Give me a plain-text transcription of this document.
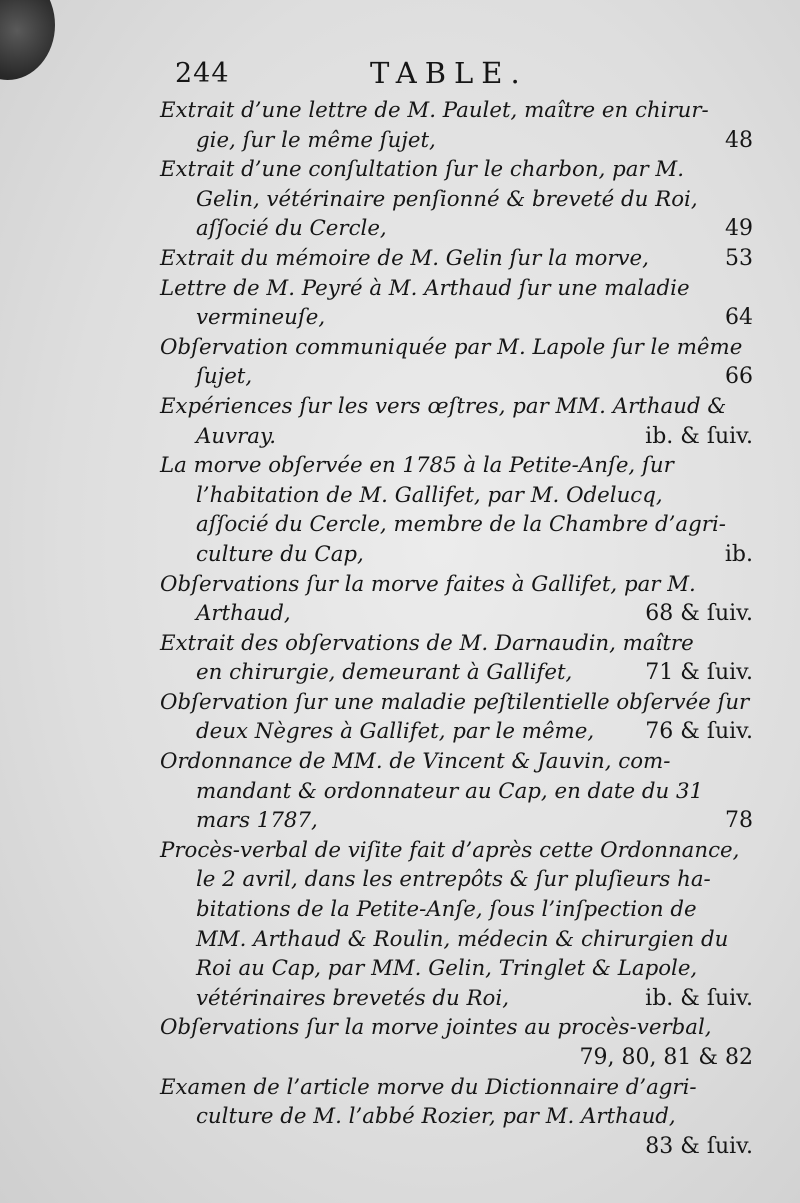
244	TABLE.
Extrait d’une lettre de M. Paulet, maître en chirur-
gie, ſur le même ſujet,	48
Extrait d’une conſultation ſur le charbon, par M.
Gelin, vétérinaire penſionné & breveté du Roi,
aſſocié du Cercle,	49
Extrait du mémoire de M. Gelin ſur la morve,	53
Lettre de M. Peyré à M. Arthaud ſur une maladie
vermineuſe,	64
Obſervation communiquée par M. Lapole ſur le même
ſujet,	66
Expériences ſur les vers œſtres, par MM. Arthaud &
Auvray.	ib. & ſuiv.
La morve obſervée en 1785 à la Petite-Anſe, ſur
l’habitation de M. Gallifet, par M. Odelucq,
aſſocié du Cercle, membre de la Chambre d’agri-
culture du Cap,	ib.
Obſervations ſur la morve faites à Gallifet, par M.
Arthaud,	68 & ſuiv.
Extrait des obſervations de M. Darnaudin, maître
en chirurgie, demeurant à Gallifet,	71 & ſuiv.
Obſervation ſur une maladie peſtilentielle obſervée ſur
deux Nègres à Gallifet, par le même,	76 & ſuiv.
Ordonnance de MM. de Vincent & Jauvin, com-
mandant & ordonnateur au Cap, en date du 31
mars 1787,	78
Procès-verbal de viſite fait d’après cette Ordonnance,
le 2 avril, dans les entrepôts & ſur pluſieurs ha-
bitations de la Petite-Anſe, ſous l’inſpection de
MM. Arthaud & Roulin, médecin & chirurgien du
Roi au Cap, par MM. Gelin, Tringlet & Lapole,
vétérinaires brevetés du Roi,	ib. & ſuiv.
Obſervations ſur la morve jointes au procès-verbal,
79, 80, 81 & 82
Examen de l’article morve du Dictionnaire d’agri-
culture de M. l’abbé Rozier, par M. Arthaud,
83 & ſuiv.
